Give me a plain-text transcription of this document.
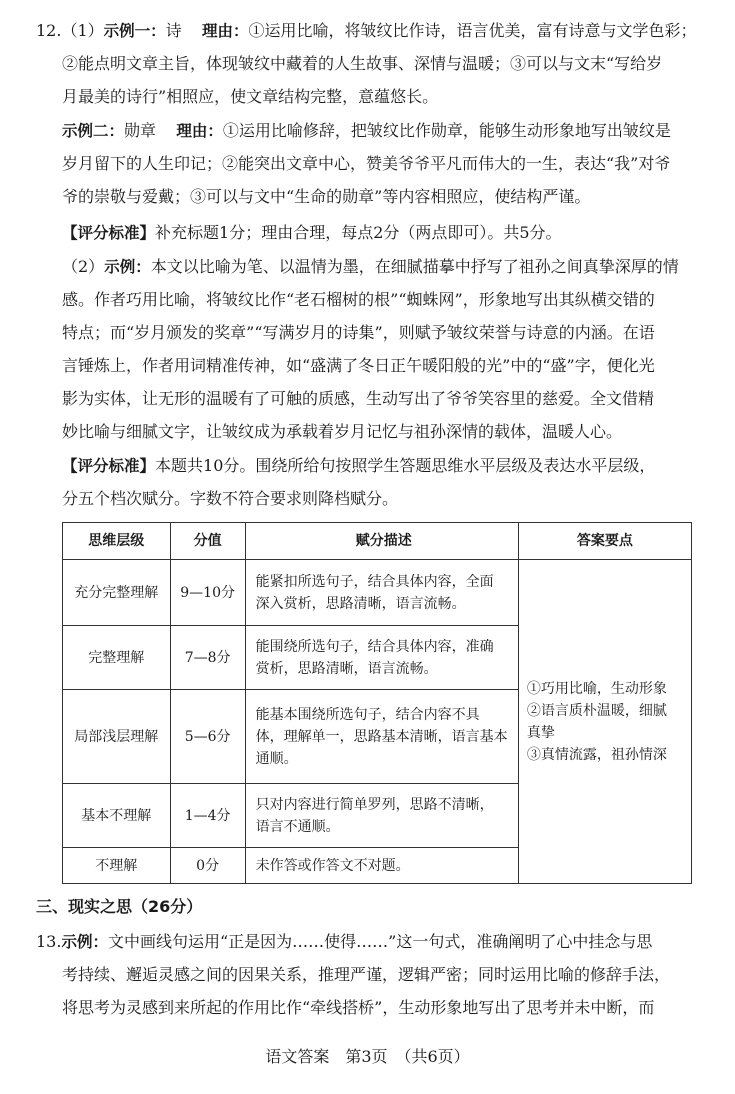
12.（1）示例一：诗 理由：①运用比喻，将皱纹比作诗，语言优美，富有诗意与文学色彩；
②能点明文章主旨，体现皱纹中藏着的人生故事、深情与温暖；③可以与文末“写给岁
月最美的诗行”相照应，使文章结构完整，意蕴悠长。
示例二：勋章 理由：①运用比喻修辞，把皱纹比作勋章，能够生动形象地写出皱纹是
岁月留下的人生印记；②能突出文章中心，赞美爷爷平凡而伟大的一生，表达“我”对爷
爷的崇敬与爱戴；③可以与文中“生命的勋章”等内容相照应，使结构严谨。
【评分标准】补充标题1分；理由合理，每点2分（两点即可）。共5分。
（2）示例：本文以比喻为笔、以温情为墨，在细腻描摹中抒写了祖孙之间真挚深厚的情
感。作者巧用比喻，将皱纹比作“老石榴树的根”“蜘蛛网”，形象地写出其纵横交错的
特点；而“岁月颁发的奖章”“写满岁月的诗集”，则赋予皱纹荣誉与诗意的内涵。在语
言锤炼上，作者用词精准传神，如“盛满了冬日正午暖阳般的光”中的“盛”字，便化光
影为实体，让无形的温暖有了可触的质感，生动写出了爷爷笑容里的慈爱。全文借精
妙比喻与细腻文字，让皱纹成为承载着岁月记忆与祖孙深情的载体，温暖人心。
【评分标准】本题共10分。围绕所给句按照学生答题思维水平层级及表达水平层级，
分五个档次赋分。字数不符合要求则降档赋分。
思维层级	分值	赋分描述	答案要点
充分完整理解	9—10分	能紧扣所选句子，结合具体内容，全面
深入赏析，思路清晰，语言流畅。	①巧用比喻，生动形象
②语言质朴温暖，细腻
真挚
③真情流露，祖孙情深

完整理解	7—8分	能围绕所选句子，结合具体内容，准确
赏析，思路清晰，语言流畅。	

局部浅层理解	5—6分	能基本围绕所选句子，结合内容不具
体，理解单一，思路基本清晰，语言基本
通顺。	

基本不理解	1—4分	只对内容进行简单罗列，思路不清晰，
语言不通顺。	

不理解	0分	未作答或作答文不对题。	
三、现实之思（26分）
13.示例：文中画线句运用“正是因为……使得……”这一句式，准确阐明了心中挂念与思
考持续、邂逅灵感之间的因果关系，推理严谨，逻辑严密；同时运用比喻的修辞手法，
将思考为灵感到来所起的作用比作“牵线搭桥”，生动形象地写出了思考并未中断，而
语文答案　第3页　（共6页）
